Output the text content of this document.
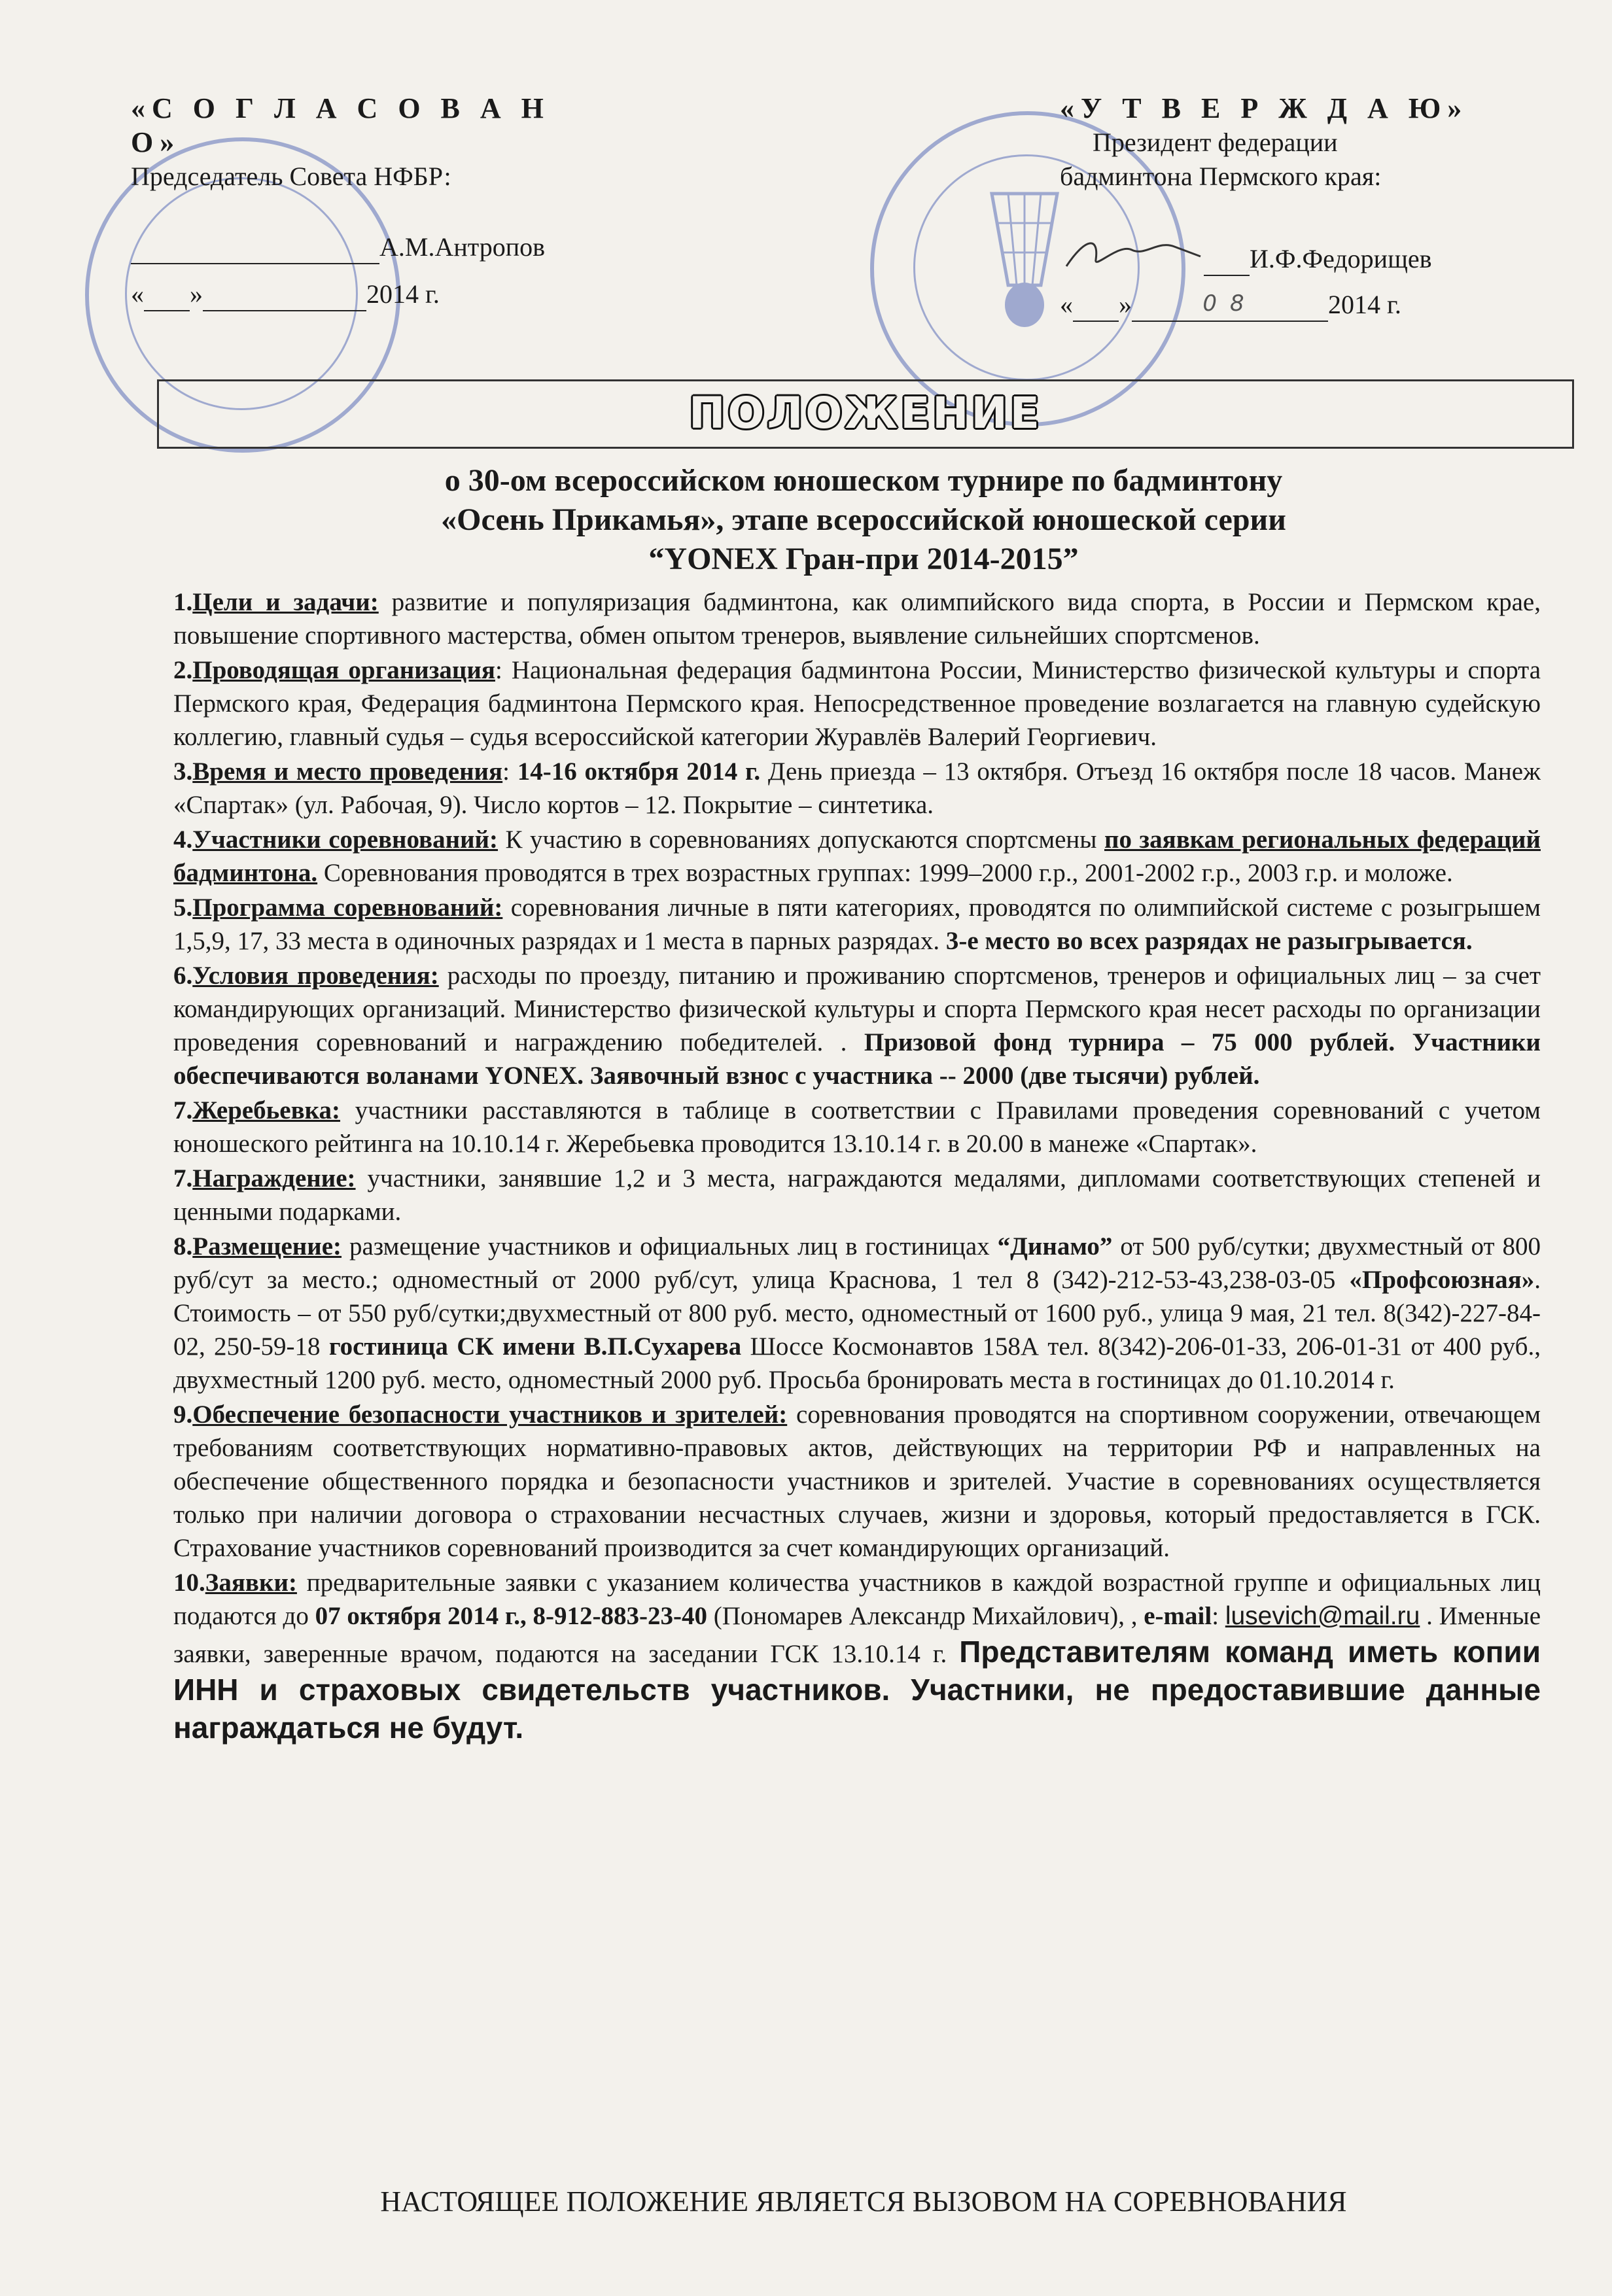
«С О Г Л А С О В А Н О»
Председатель Совета НФБР:
А.М.Антропов
« »	2014 г.
«У Т В Е Р Ж Д А Ю»
Президент федерации
бадминтона Пермского края:
И.Ф.Федорищев
« »	08	2014 г.
ПОЛОЖЕНИЕ
о 30-ом всероссийском юношеском турнире по бадминтону
«Осень Прикамья», этапе всероссийской юношеской серии
“YONEX Гран-при 2014-2015”
1.Цели и задачи: развитие и популяризация бадминтона, как олимпийского вида спорта, в России и Пермском крае, повышение спортивного мастерства, обмен опытом тренеров, выявление сильнейших спортсменов.
2.Проводящая организация: Национальная федерация бадминтона России, Министерство физической культуры и спорта Пермского края, Федерация бадминтона Пермского края. Непосредственное проведение возлагается на главную судейскую коллегию, главный судья – судья всероссийской категории Журавлёв Валерий Георгиевич.
3.Время и место проведения: 14-16 октября 2014 г. День приезда – 13 октября. Отъезд 16 октября после 18 часов. Манеж «Спартак» (ул. Рабочая, 9). Число кортов – 12. Покрытие – синтетика.
4.Участники соревнований: К участию в соревнованиях допускаются спортсмены по заявкам региональных федераций бадминтона. Соревнования проводятся в трех возрастных группах: 1999–2000 г.р., 2001-2002 г.р., 2003 г.р. и моложе.
5.Программа соревнований: соревнования личные в пяти категориях, проводятся по олимпийской системе с розыгрышем 1,5,9, 17, 33 места в одиночных разрядах и 1 места в парных разрядах. 3-е место во всех разрядах не разыгрывается.
6.Условия проведения: расходы по проезду, питанию и проживанию спортсменов, тренеров и официальных лиц – за счет командирующих организаций. Министерство физической культуры и спорта Пермского края несет расходы по организации проведения соревнований и награждению победителей. . Призовой фонд турнира – 75 000 рублей. Участники обеспечиваются воланами YONEX. Заявочный взнос с участника -- 2000 (две тысячи) рублей.
7.Жеребьевка: участники расставляются в таблице в соответствии с Правилами проведения соревнований с учетом юношеского рейтинга на 10.10.14 г. Жеребьевка проводится 13.10.14 г. в 20.00 в манеже «Спартак».
7.Награждение: участники, занявшие 1,2 и 3 места, награждаются медалями, дипломами соответствующих степеней и ценными подарками.
8.Размещение: размещение участников и официальных лиц в гостиницах “Динамо” от 500 руб/сутки; двухместный от 800 руб/сут за место.; одноместный от 2000 руб/сут, улица Краснова, 1 тел 8 (342)-212-53-43,238-03-05 «Профсоюзная». Стоимость – от 550 руб/сутки;двухместный от 800 руб. место, одноместный от 1600 руб., улица 9 мая, 21 тел. 8(342)-227-84-02, 250-59-18 гостиница СК имени В.П.Сухарева Шоссе Космонавтов 158А тел. 8(342)-206-01-33, 206-01-31 от 400 руб., двухместный 1200 руб. место, одноместный 2000 руб. Просьба бронировать места в гостиницах до 01.10.2014 г.
9.Обеспечение безопасности участников и зрителей: соревнования проводятся на спортивном сооружении, отвечающем требованиям соответствующих нормативно-правовых актов, действующих на территории РФ и направленных на обеспечение общественного порядка и безопасности участников и зрителей. Участие в соревнованиях осуществляется только при наличии договора о страховании несчастных случаев, жизни и здоровья, который предоставляется в ГСК. Страхование участников соревнований производится за счет командирующих организаций.
10.Заявки: предварительные заявки с указанием количества участников в каждой возрастной группе и официальных лиц подаются до 07 октября 2014 г., 8-912-883-23-40 (Пономарев Александр Михайлович), , e-mail: lusevich@mail.ru . Именные заявки, заверенные врачом, подаются на заседании ГСК 13.10.14 г. Представителям команд иметь копии ИНН и страховых свидетельств участников. Участники, не предоставившие данные награждаться не будут.
НАСТОЯЩЕЕ ПОЛОЖЕНИЕ ЯВЛЯЕТСЯ ВЫЗОВОМ НА СОРЕВНОВАНИЯ
